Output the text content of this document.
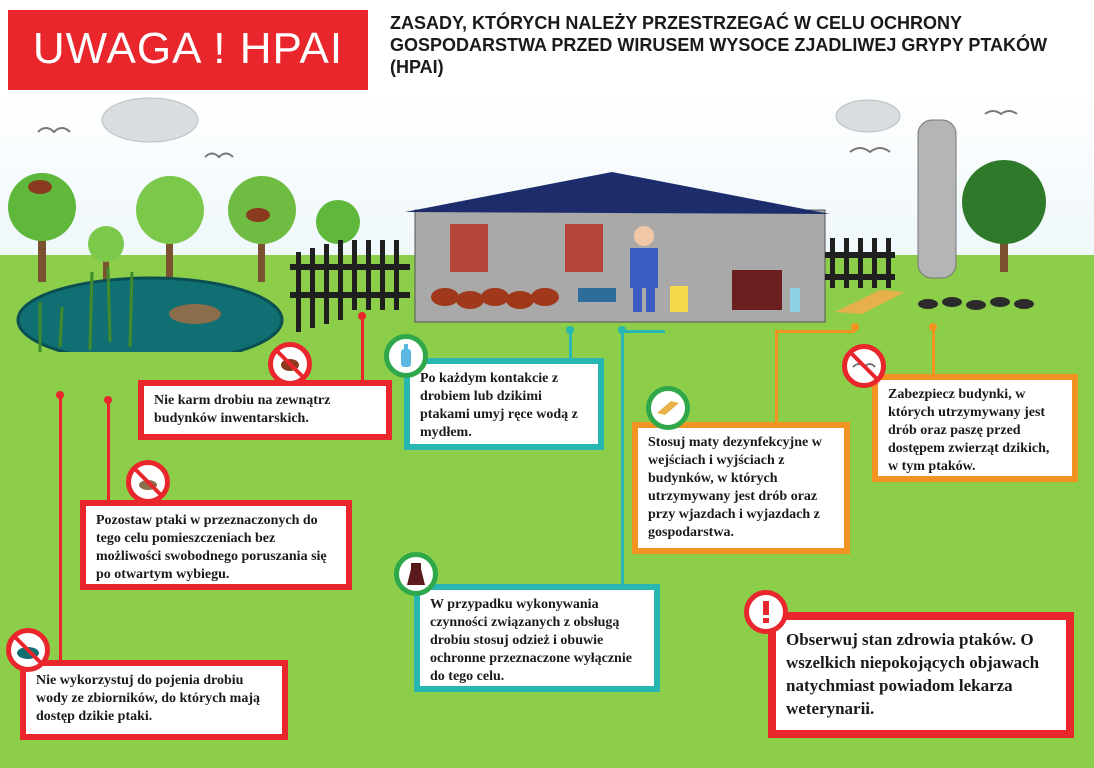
UWAGA ! HPAI
ZASADY, KTÓRYCH NALEŻY PRZESTRZEGAĆ W CELU OCHRONY GOSPODARSTWA PRZED WIRUSEM WYSOCE ZJADLIWEJ GRYPY PTAKÓW (HPAI)
Nie karm drobiu na zewnątrz budynków inwentarskich.
Po każdym kontakcie z drobiem lub dzikimi ptakami umyj ręce wodą z mydłem.
Zabezpiecz budynki, w których utrzymywany jest drób oraz paszę przed dostępem zwierząt dzikich, w tym ptaków.
Stosuj maty dezynfekcyjne w wejściach i wyjściach z budynków, w których utrzymywany jest drób oraz przy wjazdach i wyjazdach z gospodarstwa.
Pozostaw ptaki w przeznaczonych do tego celu pomieszczeniach bez możliwości swobodnego poruszania się po otwartym wybiegu.
W przypadku wykonywania czynności związanych z obsługą drobiu stosuj odzież i obuwie ochronne przeznaczone wyłącznie do tego celu.
Obserwuj stan zdrowia ptaków. O wszelkich niepokojących objawach natychmiast powiadom lekarza weterynarii.
Nie wykorzystuj do pojenia drobiu wody ze zbiorników, do których mają dostęp dzikie ptaki.
